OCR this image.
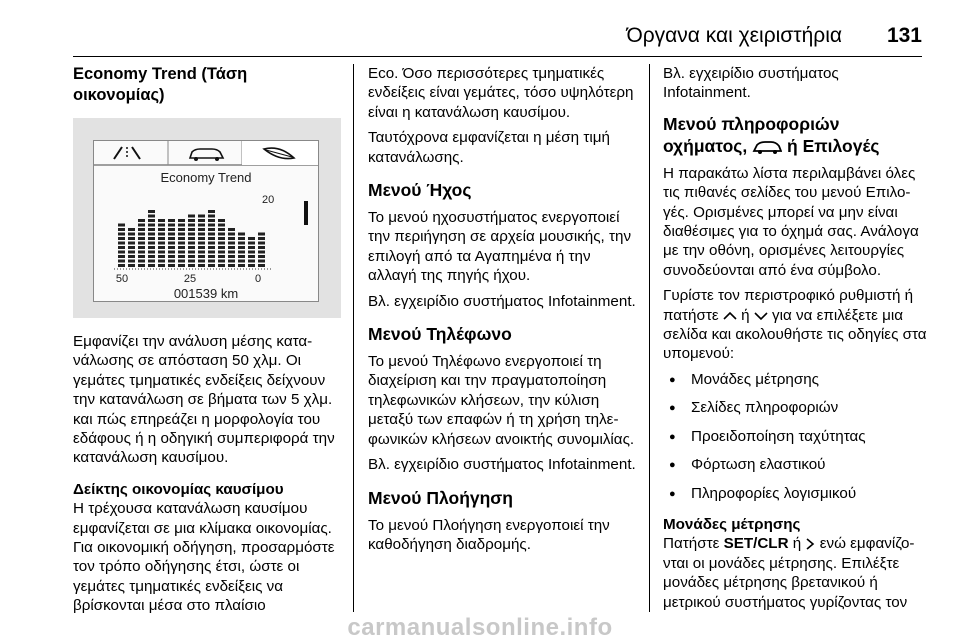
Όργανα και χειριστήρια 131
Economy Trend (Τάση οικονομίας)
Economy Trend
20
50	25	0
001539 km

Εμφανίζει την ανάλυση μέσης κατανάλωσης σε απόσταση 50 χλμ. Οι γεμάτες τμηματικές ενδείξεις δείχνουν την κατανάλωση σε βήματα των 5 χλμ. και πώς επηρεάζει η μορφολογία του εδάφους ή η οδηγική συμπεριφορά την κατανάλωση καυσίμου.

Δείκτης οικονομίας καυσίμου

Η τρέχουσα κατανάλωση καυσίμου εμφανίζεται σε μια κλίμακα οικονομίας. Για οικονομική οδήγηση, προσαρμόστε τον τρόπο οδήγησης έτσι, ώστε οι γεμάτες τμηματικές ενδείξεις να βρίσκονται μέσα στο πλαίσιο

Eco. Όσο περισσότερες τμηματικές ενδείξεις είναι γεμάτες, τόσο υψηλότερη είναι η κατανάλωση καυσίμου.

Ταυτόχρονα εμφανίζεται η μέση τιμή κατανάλωσης.

Μενού Ήχος

Το μενού ηχοσυστήματος ενεργοποιεί την περιήγηση σε αρχεία μουσικής, την επιλογή από τα Αγαπημένα ή την αλλαγή της πηγής ήχου.

Βλ. εγχειρίδιο συστήματος Infotainment.

Μενού Τηλέφωνο

Το μενού Τηλέφωνο ενεργοποιεί τη διαχείριση και την πραγματοποίηση τηλεφωνικών κλήσεων, την κύλιση μεταξύ των επαφών ή τη χρήση τηλεφωνικών κλήσεων ανοικτής συνομιλίας.

Βλ. εγχειρίδιο συστήματος Infotainment.

Μενού Πλοήγηση

Το μενού Πλοήγηση ενεργοποιεί την καθοδήγηση διαδρομής.

Βλ. εγχειρίδιο συστήματος Infotainment.

Μενού πληροφοριών
οχήματος, ή Επιλογές

Η παρακάτω λίστα περιλαμβάνει όλες τις πιθανές σελίδες του μενού Επιλογές. Ορισμένες μπορεί να μην είναι διαθέσιμες για το όχημά σας. Ανάλογα με την οθόνη, ορισμένες λειτουργίες συνοδεύονται από ένα σύμβολο.

Γυρίστε τον περιστροφικό ρυθμιστή ή πατήστε ή για να επιλέξετε μια σελίδα και ακολουθήστε τις οδηγίες στα υπομενού:

● Μονάδες μέτρησης
● Σελίδες πληροφοριών
● Προειδοποίηση ταχύτητας
● Φόρτωση ελαστικού
● Πληροφορίες λογισμικού
Μονάδες μέτρησης

Πατήστε SET/CLR ή ενώ εμφανίζονται οι μονάδες μέτρησης. Επιλέξτε μονάδες μέτρησης βρετανικού ή μετρικού συστήματος γυρίζοντας τον

carmanualsonline.info
